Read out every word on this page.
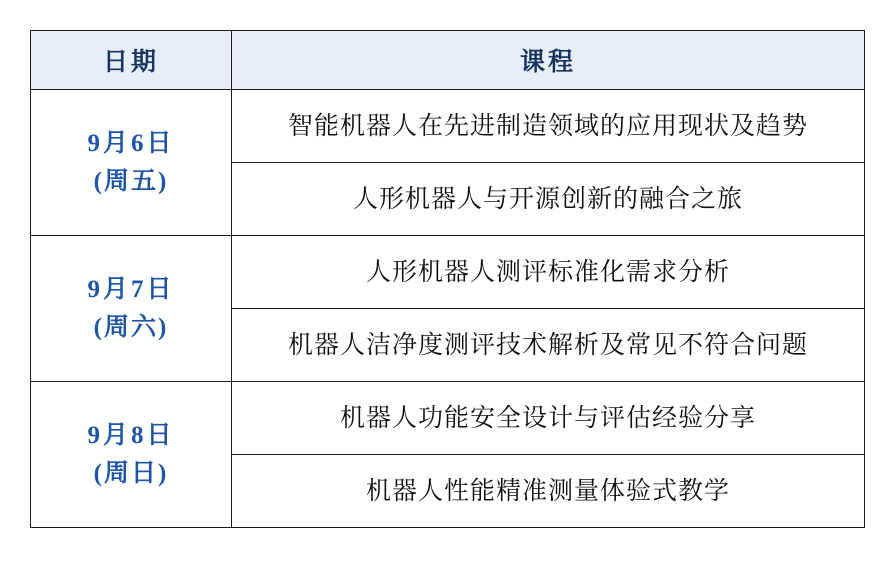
日期	课程

9月6日
(周五)	智能机器人在先进制造领域的应用现状及趋势
	人形机器人与开源创新的融合之旅

9月7日
(周六)	人形机器人测评标准化需求分析
	机器人洁净度测评技术解析及常见不符合问题

9月8日
(周日)	机器人功能安全设计与评估经验分享
	机器人性能精准测量体验式教学
